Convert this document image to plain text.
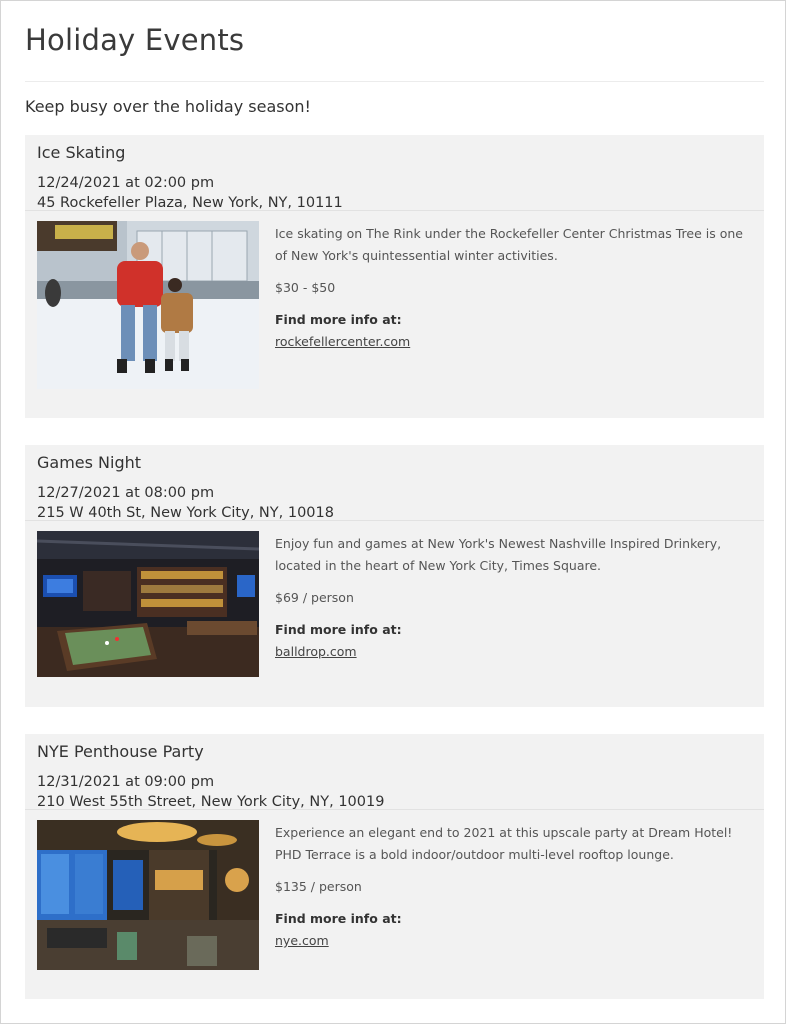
Holiday Events

Keep busy over the holiday season!

Ice Skating

12/24/2021 at 02:00 pm

45 Rockefeller Plaza, New York, NY, 10111

Ice skating on The Rink under the Rockefeller Center Christmas Tree is one of New York's quintessential winter activities.

$30 - $50

Find more info at:

rockefellercenter.com
Games Night

12/27/2021 at 08:00 pm

215 W 40th St, New York City, NY, 10018

Enjoy fun and games at New York's Newest Nashville Inspired Drinkery, located in the heart of New York City, Times Square.

$69 / person

Find more info at:

balldrop.com
NYE Penthouse Party

12/31/2021 at 09:00 pm

210 West 55th Street, New York City, NY, 10019

Experience an elegant end to 2021 at this upscale party at Dream Hotel! PHD Terrace is a bold indoor/outdoor multi-level rooftop lounge.

$135 / person

Find more info at:

nye.com
